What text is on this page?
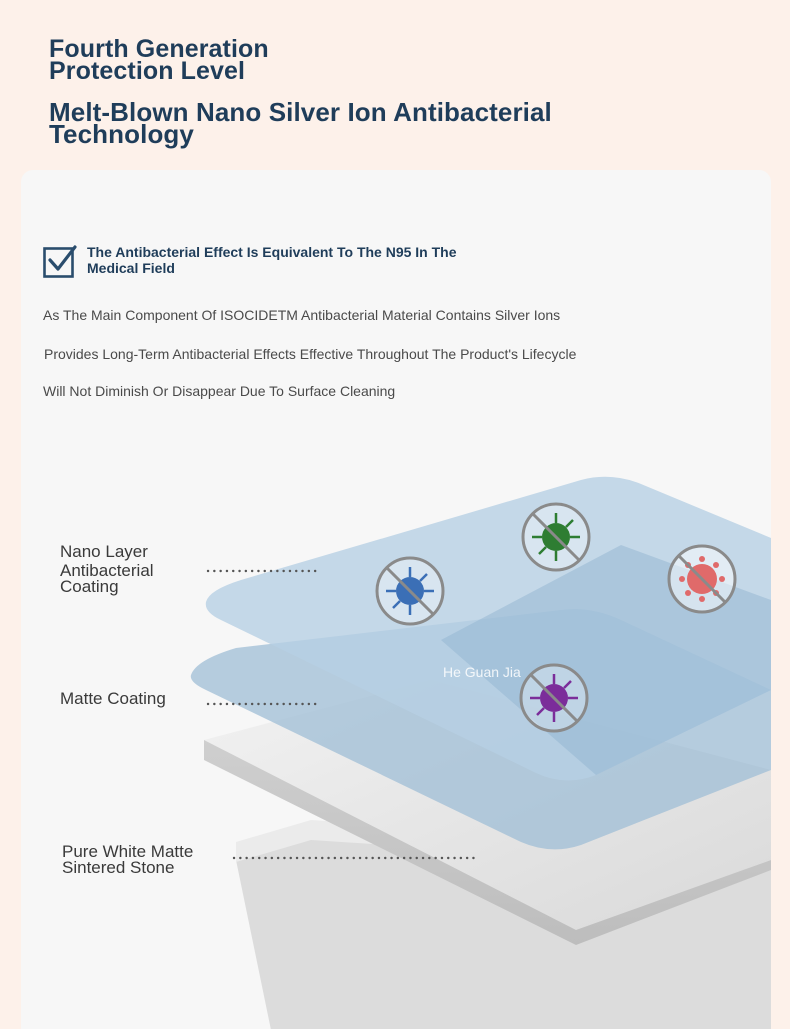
Fourth Generation
Protection Level
Melt-Blown Nano Silver Ion Antibacterial
Technology
The Antibacterial Effect Is Equivalent To The N95 In The
Medical Field
As The Main Component Of ISOCIDETM Antibacterial Material Contains Silver Ions
Provides Long-Term Antibacterial Effects Effective Throughout The Product's Lifecycle
Will Not Diminish Or Disappear Due To Surface Cleaning
He Guan Jia
Nano Layer
Antibacterial
Coating
Matte Coating
Pure White Matte
Sintered Stone
